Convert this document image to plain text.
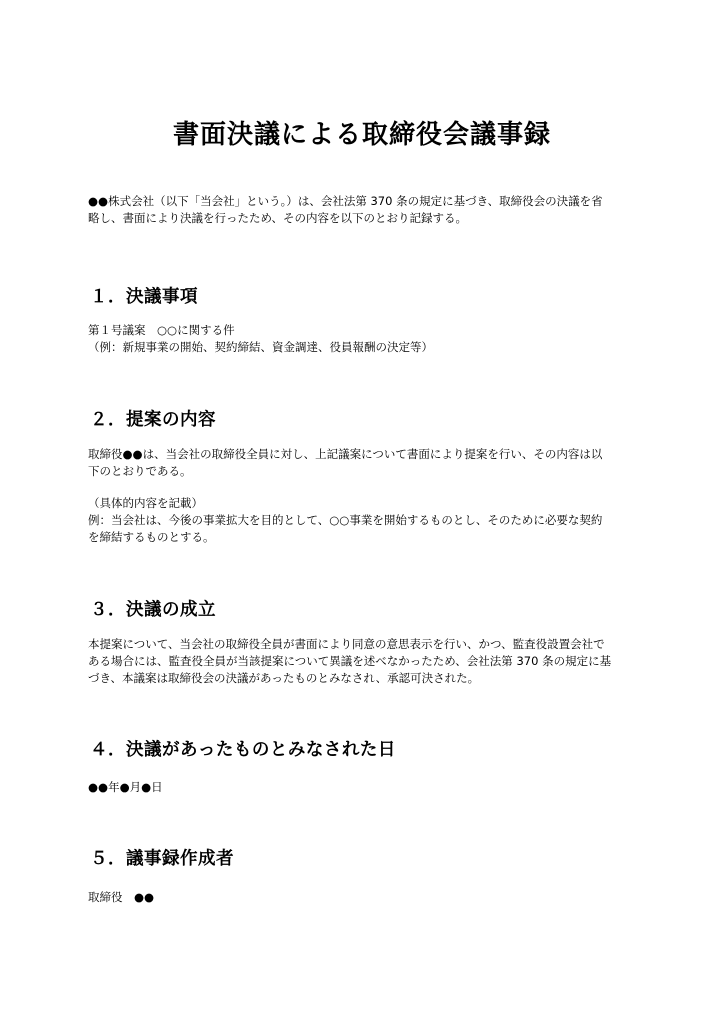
書面決議による取締役会議事録

●●株式会社（以下「当会社」という。）は、会社法第 370 条の規定に基づき、取締役会の決議を省
略し、書面により決議を行ったため、その内容を以下のとおり記録する。

１．決議事項

第１号議案　○○に関する件
（例：新規事業の開始、契約締結、資金調達、役員報酬の決定等）

２．提案の内容

取締役●●は、当会社の取締役全員に対し、上記議案について書面により提案を行い、その内容は以
下のとおりである。

（具体的内容を記載）
例：当会社は、今後の事業拡大を目的として、○○事業を開始するものとし、そのために必要な契約
を締結するものとする。

３．決議の成立

本提案について、当会社の取締役全員が書面により同意の意思表示を行い、かつ、監査役設置会社で
ある場合には、監査役全員が当該提案について異議を述べなかったため、会社法第 370 条の規定に基
づき、本議案は取締役会の決議があったものとみなされ、承認可決された。

４．決議があったものとみなされた日

●●年●月●日

５．議事録作成者

取締役　●●
